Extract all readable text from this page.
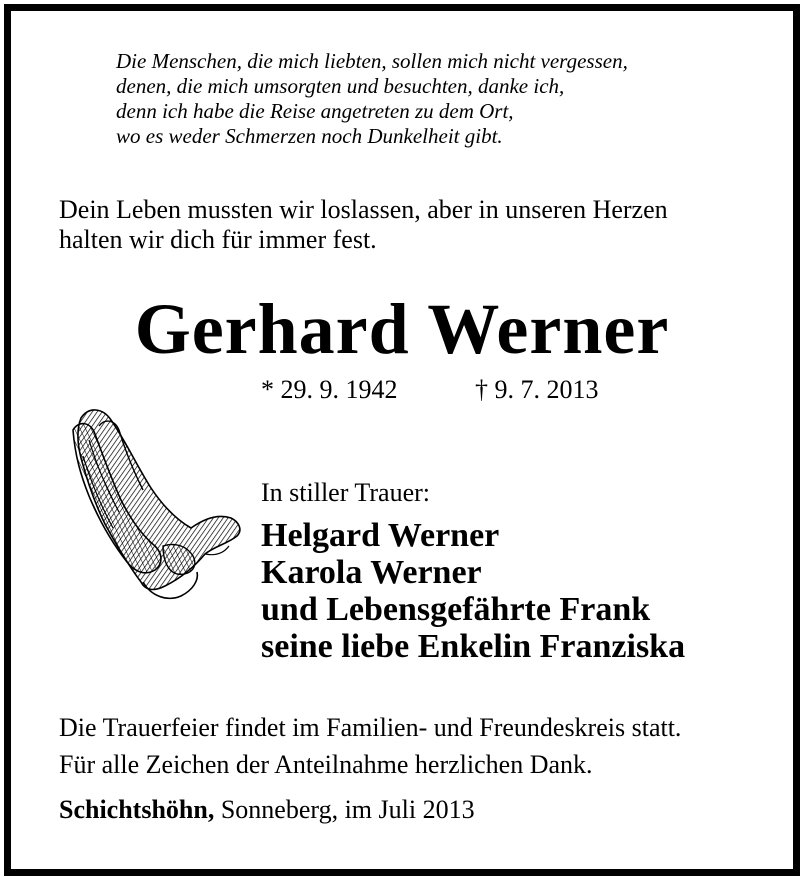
Die Menschen, die mich liebten, sollen mich nicht vergessen,
denen, die mich umsorgten und besuchten, danke ich,
denn ich habe die Reise angetreten zu dem Ort,
wo es weder Schmerzen noch Dunkelheit gibt.
Dein Leben mussten wir loslassen, aber in unseren Herzen
halten wir dich für immer fest.
Gerhard Werner
* 29. 9. 1942	† 9. 7. 2013
In stiller Trauer:
Helgard Werner
Karola Werner
und Lebensgefährte Frank
seine liebe Enkelin Franziska
Die Trauerfeier findet im Familien- und Freundeskreis statt.
Für alle Zeichen der Anteilnahme herzlichen Dank.
Schichtshöhn, Sonneberg, im Juli 2013
